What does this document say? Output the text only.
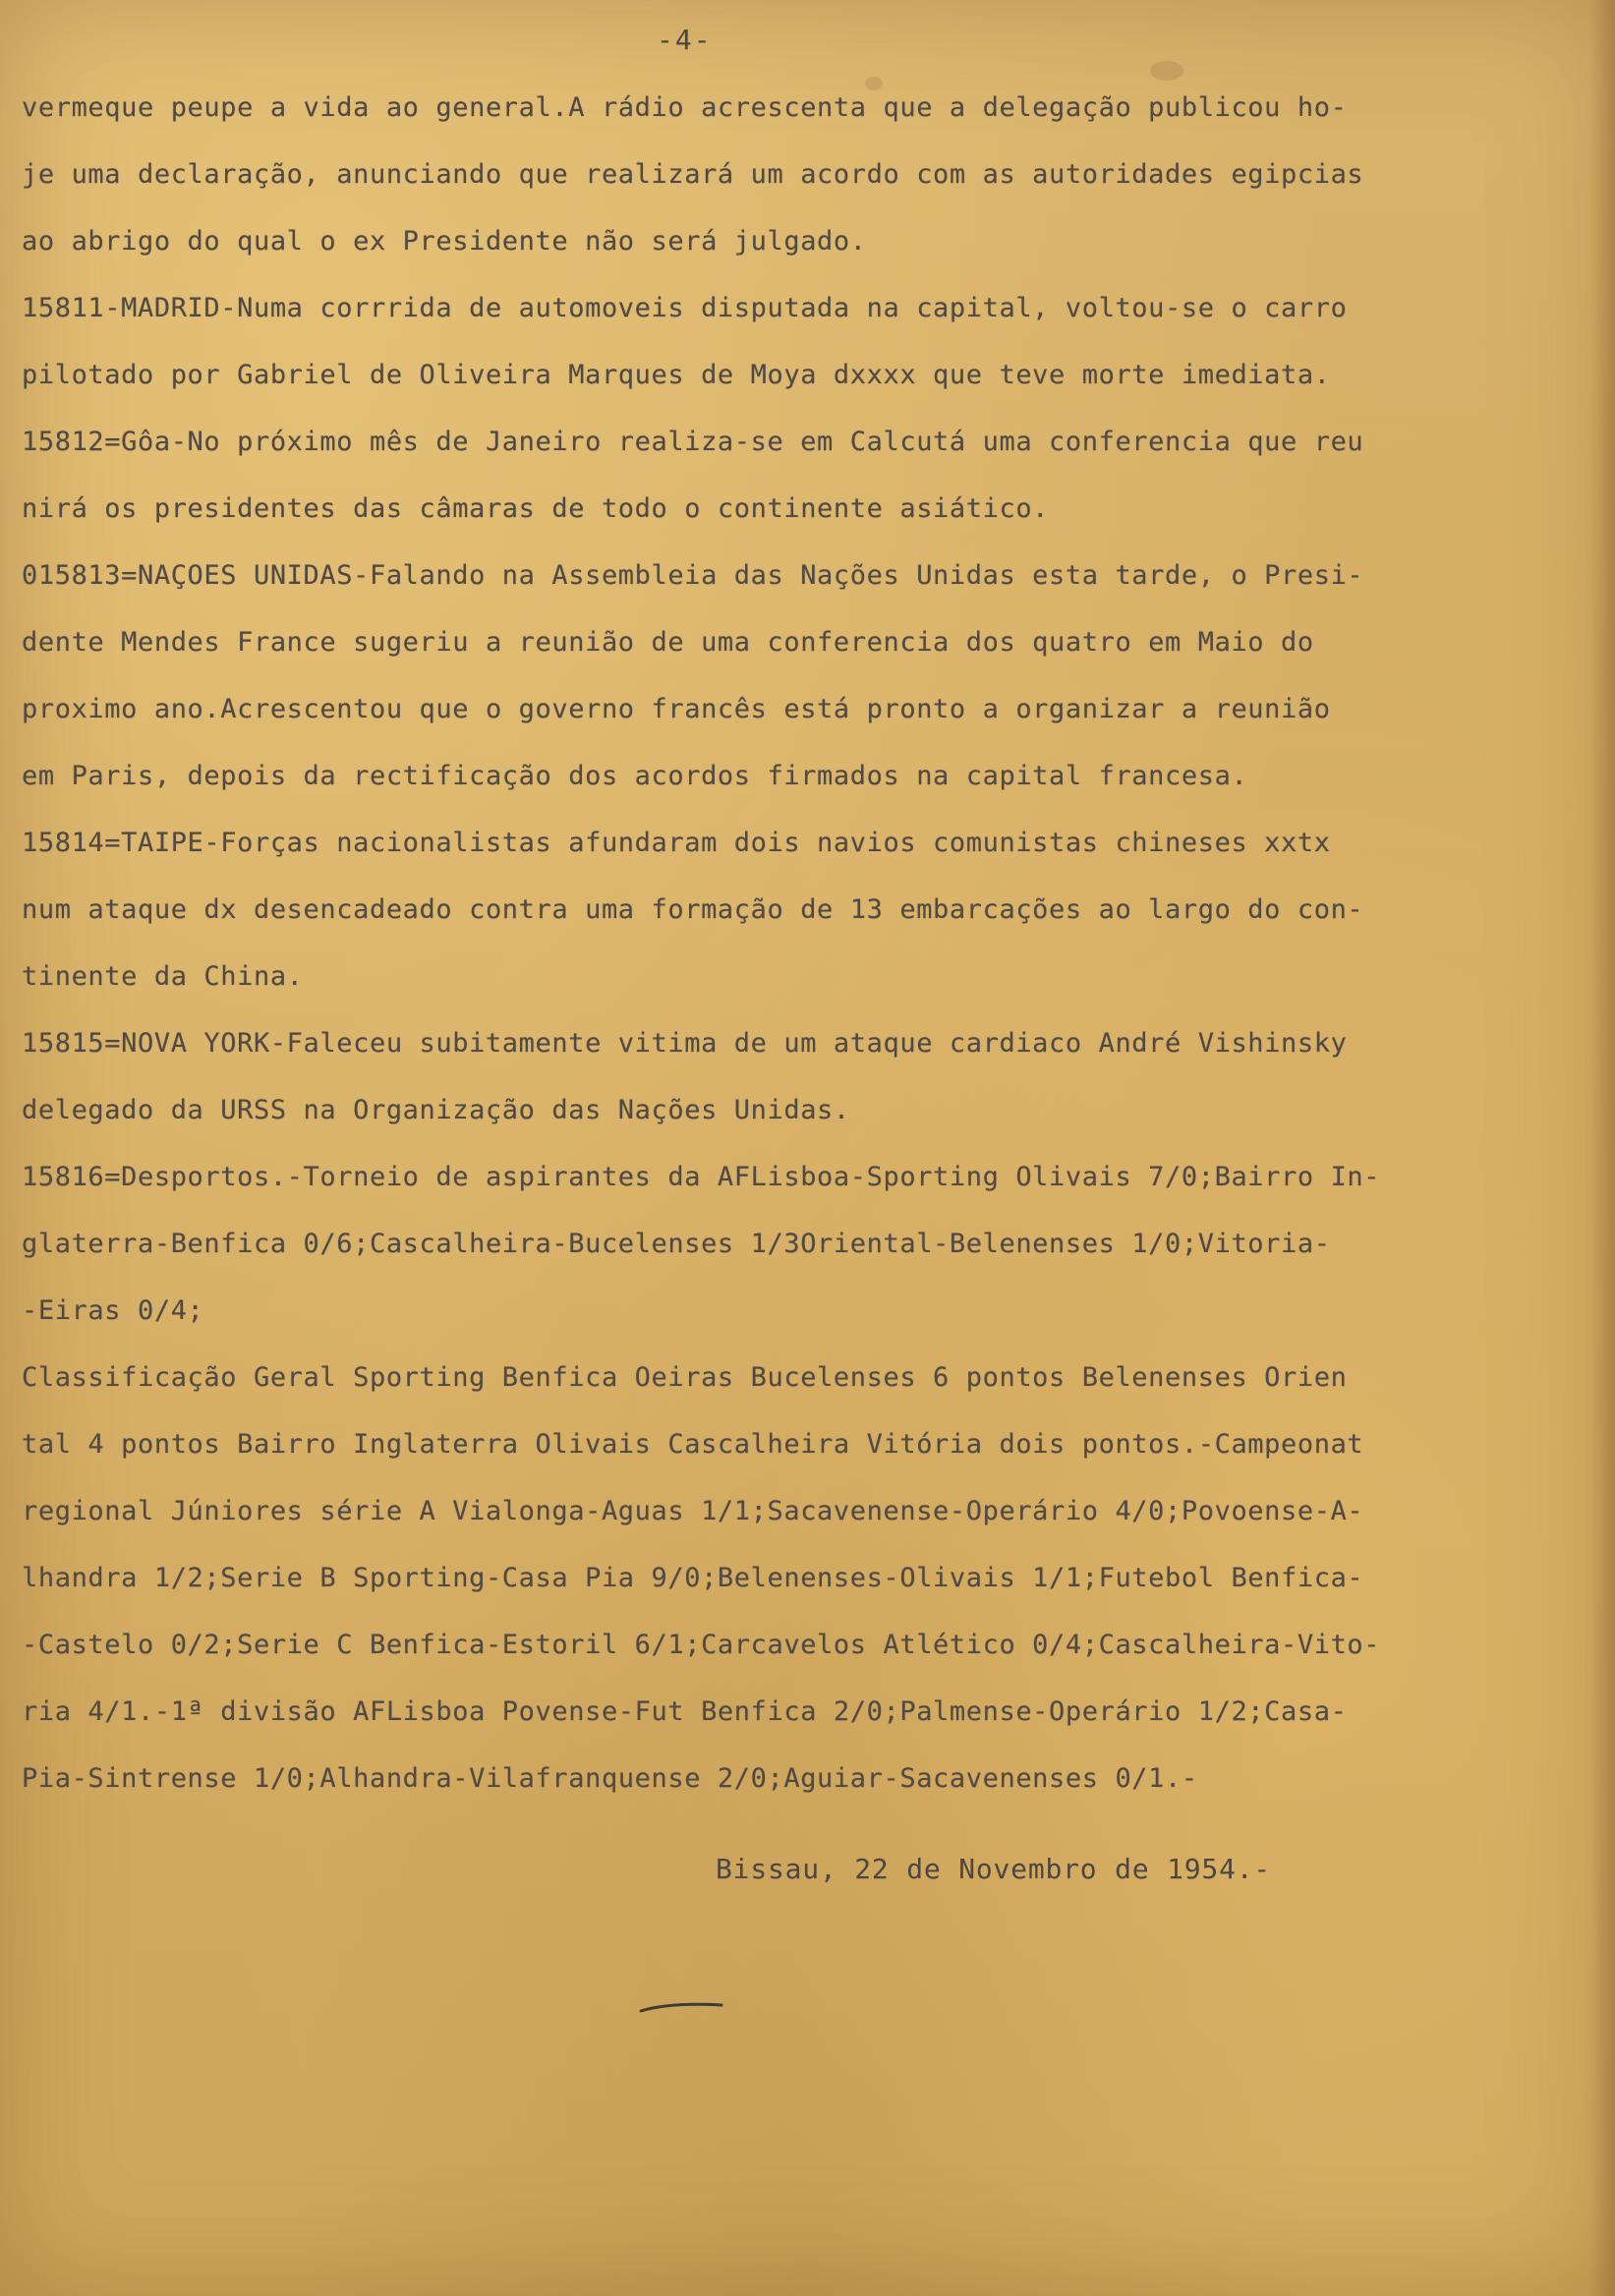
-4-
vermeque peupe a vida ao general.A rádio acrescenta que a delegação publicou ho-
je uma declaração, anunciando que realizará um acordo com as autoridades egipcias
ao abrigo do qual o ex Presidente não será julgado.
15811-MADRID-Numa corrrida de automoveis disputada na capital, voltou-se o carro
pilotado por Gabriel de Oliveira Marques de Moya dxxxx que teve morte imediata.
15812=Gôa-No próximo mês de Janeiro realiza-se em Calcutá uma conferencia que reu
nirá os presidentes das câmaras de todo o continente asiático.
015813=NAÇOES UNIDAS-Falando na Assembleia das Nações Unidas esta tarde, o Presi-
dente Mendes France sugeriu a reunião de uma conferencia dos quatro em Maio do
proximo ano.Acrescentou que o governo francês está pronto a organizar a reunião
em Paris, depois da rectificação dos acordos firmados na capital francesa.
15814=TAIPE-Forças nacionalistas afundaram dois navios comunistas chineses xxtx
num ataque dx desencadeado contra uma formação de 13 embarcações ao largo do con-
tinente da China.
15815=NOVA YORK-Faleceu subitamente vitima de um ataque cardiaco André Vishinsky
delegado da URSS na Organização das Nações Unidas.
15816=Desportos.-Torneio de aspirantes da AFLisboa-Sporting Olivais 7/0;Bairro In-
glaterra-Benfica 0/6;Cascalheira-Bucelenses 1/3Oriental-Belenenses 1/0;Vitoria-
-Eiras 0/4;
Classificação Geral Sporting Benfica Oeiras Bucelenses 6 pontos Belenenses Orien
tal 4 pontos Bairro Inglaterra Olivais Cascalheira Vitória dois pontos.-Campeonat
regional Júniores série A Vialonga-Aguas 1/1;Sacavenense-Operário 4/0;Povoense-A-
lhandra 1/2;Serie B Sporting-Casa Pia 9/0;Belenenses-Olivais 1/1;Futebol Benfica-
-Castelo 0/2;Serie C Benfica-Estoril 6/1;Carcavelos Atlético 0/4;Cascalheira-Vito-
ria 4/1.-1ª divisão AFLisboa Povense-Fut Benfica 2/0;Palmense-Operário 1/2;Casa-
Pia-Sintrense 1/0;Alhandra-Vilafranquense 2/0;Aguiar-Sacavenenses 0/1.-
Bissau, 22 de Novembro de 1954.-
